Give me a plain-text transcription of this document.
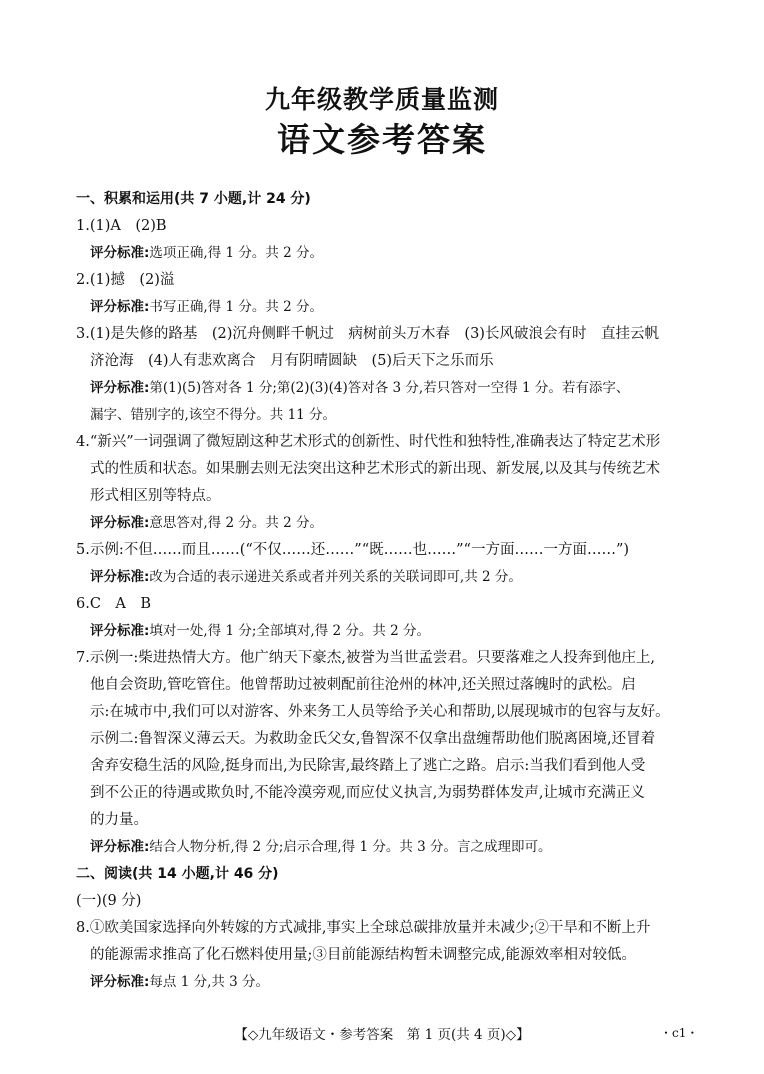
九年级教学质量监测
语文参考答案
一、积累和运用(共 7 小题,计 24 分)
1.(1)A　(2)B
评分标准:选项正确,得 1 分。共 2 分。
2.(1)撼　(2)溢
评分标准:书写正确,得 1 分。共 2 分。
3.(1)是失修的路基　(2)沉舟侧畔千帆过　病树前头万木春　(3)长风破浪会有时　直挂云帆
济沧海　(4)人有悲欢离合　月有阴晴圆缺　(5)后天下之乐而乐
评分标准:第(1)(5)答对各 1 分;第(2)(3)(4)答对各 3 分,若只答对一空得 1 分。若有添字、
漏字、错别字的,该空不得分。共 11 分。
4.“新兴”一词强调了微短剧这种艺术形式的创新性、时代性和独特性,准确表达了特定艺术形
式的性质和状态。如果删去则无法突出这种艺术形式的新出现、新发展,以及其与传统艺术
形式相区别等特点。
评分标准:意思答对,得 2 分。共 2 分。
5.示例:不但……而且……(“不仅……还……”“既……也……”“一方面……一方面……”)
评分标准:改为合适的表示递进关系或者并列关系的关联词即可,共 2 分。
6.C　A　B
评分标准:填对一处,得 1 分;全部填对,得 2 分。共 2 分。
7.示例一:柴进热情大方。他广纳天下豪杰,被誉为当世孟尝君。只要落难之人投奔到他庄上,
他自会资助,管吃管住。他曾帮助过被刺配前往沧州的林冲,还关照过落魄时的武松。启
示:在城市中,我们可以对游客、外来务工人员等给予关心和帮助,以展现城市的包容与友好。
示例二:鲁智深义薄云天。为救助金氏父女,鲁智深不仅拿出盘缠帮助他们脱离困境,还冒着
舍弃安稳生活的风险,挺身而出,为民除害,最终踏上了逃亡之路。启示:当我们看到他人受
到不公正的待遇或欺负时,不能冷漠旁观,而应仗义执言,为弱势群体发声,让城市充满正义
的力量。
评分标准:结合人物分析,得 2 分;启示合理,得 1 分。共 3 分。言之成理即可。
二、阅读(共 14 小题,计 46 分)
(一)(9 分)
8.①欧美国家选择向外转嫁的方式减排,事实上全球总碳排放量并未减少;②干旱和不断上升
的能源需求推高了化石燃料使用量;③目前能源结构暂未调整完成,能源效率相对较低。
评分标准:每点 1 分,共 3 分。
【◇九年级语文・参考答案　第 1 页(共 4 页)◇】	・c1・
